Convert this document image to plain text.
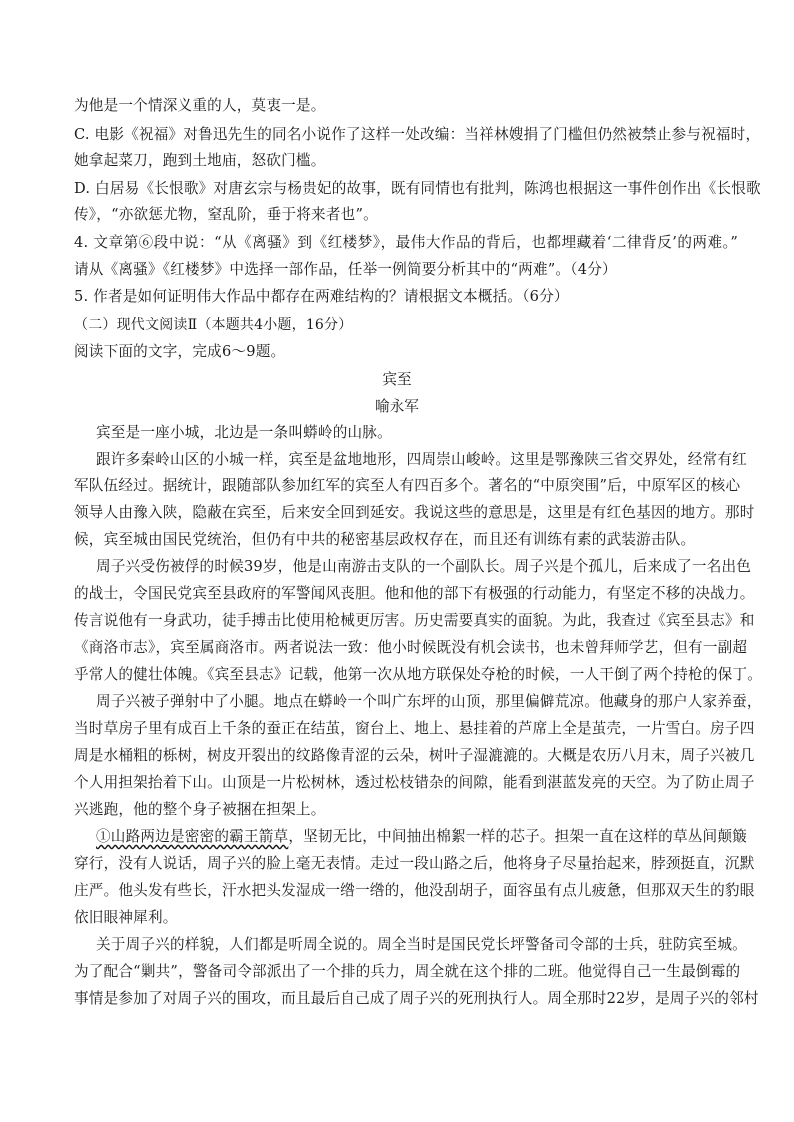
为他是一个情深义重的人，莫衷一是。
C. 电影《祝福》对鲁迅先生的同名小说作了这样一处改编：当祥林嫂捐了门槛但仍然被禁止参与祝福时，
她拿起菜刀，跑到土地庙，怒砍门槛。
D. 白居易《长恨歌》对唐玄宗与杨贵妃的故事，既有同情也有批判，陈鸿也根据这一事件创作出《长恨歌
传》，“亦欲惩尤物，窒乱阶，垂于将来者也”。
4. 文章第⑥段中说：“从《离骚》到《红楼梦》，最伟大作品的背后，也都埋藏着‘二律背反’的两难。”
请从《离骚》《红楼梦》中选择一部作品，任举一例简要分析其中的“两难”。（4分）
5. 作者是如何证明伟大作品中都存在两难结构的？请根据文本概括。（6分）
（二）现代文阅读Ⅱ（本题共4小题，16分）
阅读下面的文字，完成6～9题。
宾至
喻永军
宾至是一座小城，北边是一条叫蟒岭的山脉。
跟许多秦岭山区的小城一样，宾至是盆地地形，四周崇山峻岭。这里是鄂豫陕三省交界处，经常有红
军队伍经过。据统计，跟随部队参加红军的宾至人有四百多个。著名的“中原突围”后，中原军区的核心
领导人由豫入陕，隐蔽在宾至，后来安全回到延安。我说这些的意思是，这里是有红色基因的地方。那时
候，宾至城由国民党统治，但仍有中共的秘密基层政权存在，而且还有训练有素的武装游击队。
周子兴受伤被俘的时候39岁，他是山南游击支队的一个副队长。周子兴是个孤儿，后来成了一名出色
的战士，令国民党宾至县政府的军警闻风丧胆。他和他的部下有极强的行动能力，有坚定不移的决战力。
传言说他有一身武功，徒手搏击比使用枪械更厉害。历史需要真实的面貌。为此，我查过《宾至县志》和
《商洛市志》，宾至属商洛市。两者说法一致：他小时候既没有机会读书，也未曾拜师学艺，但有一副超
乎常人的健壮体魄。《宾至县志》记载，他第一次从地方联保处夺枪的时候，一人干倒了两个持枪的保丁。
周子兴被子弹射中了小腿。地点在蟒岭一个叫广东坪的山顶，那里偏僻荒凉。他藏身的那户人家养蚕，
当时草房子里有成百上千条的蚕正在结茧，窗台上、地上、悬挂着的芦席上全是茧壳，一片雪白。房子四
周是水桶粗的栎树，树皮开裂出的纹路像青涩的云朵，树叶子湿漉漉的。大概是农历八月末，周子兴被几
个人用担架抬着下山。山顶是一片松树林，透过松枝错杂的间隙，能看到湛蓝发亮的天空。为了防止周子
兴逃跑，他的整个身子被捆在担架上。
①山路两边是密密的霸王箭草，坚韧无比，中间抽出棉絮一样的芯子。担架一直在这样的草丛间颠簸
穿行，没有人说话，周子兴的脸上毫无表情。走过一段山路之后，他将身子尽量抬起来，脖颈挺直，沉默
庄严。他头发有些长，汗水把头发湿成一绺一绺的，他没刮胡子，面容虽有点儿疲惫，但那双天生的豹眼
依旧眼神犀利。
关于周子兴的样貌，人们都是听周全说的。周全当时是国民党长坪警备司令部的士兵，驻防宾至城。
为了配合“剿共”，警备司令部派出了一个排的兵力，周全就在这个排的二班。他觉得自己一生最倒霉的
事情是参加了对周子兴的围攻，而且最后自己成了周子兴的死刑执行人。周全那时22岁，是周子兴的邻村
